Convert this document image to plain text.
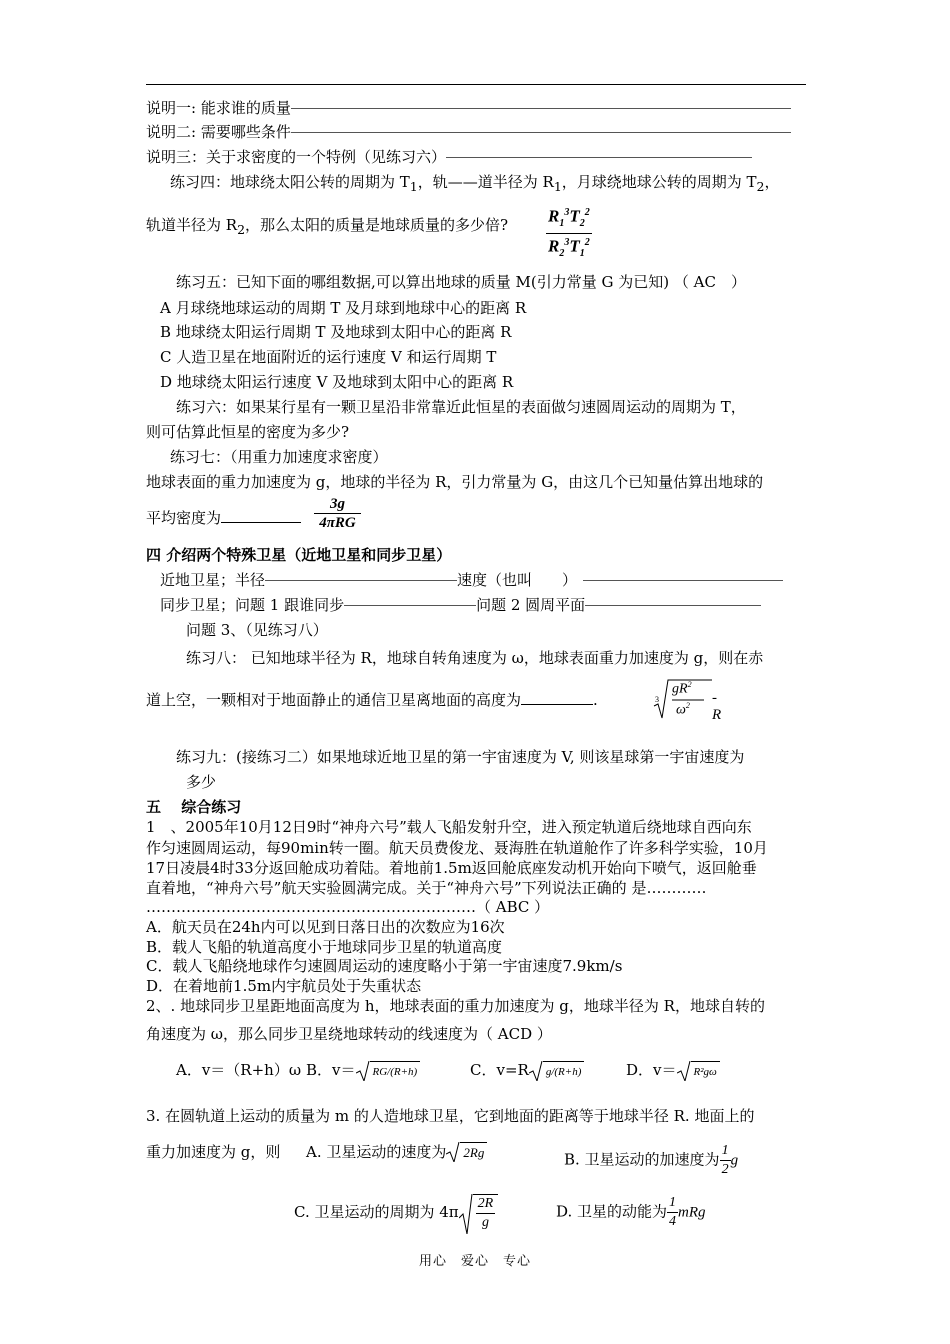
说明一: 能求谁的质量
说明二: 需要哪些条件
说明三：关于求密度的一个特例（见练习六）
练习四：地球绕太阳公转的周期为 $T_1$，轨——道半径为 $R_1$，月球绕地球公转的周期为 $T_2$，
轨道半径为 $R_2$，那么太阳的质量是地球质量的多少倍? $\frac{R_1^3T_2^2}{R_2^3T_1^2}$
练习五：已知下面的哪组数据,可以算出地球的质量 M(引力常量 G 为已知) （ AC　）
A 月球绕地球运动的周期 T 及月球到地球中心的距离 R
B 地球绕太阳运行周期 T 及地球到太阳中心的距离 R
C 人造卫星在地面附近的运行速度 V 和运行周期 T
D 地球绕太阳运行速度 V 及地球到太阳中心的距离 R
练习六：如果某行星有一颗卫星沿非常靠近此恒星的表面做匀速圆周运动的周期为 T，
则可估算此恒星的密度为多少?
练习七：（用重力加速度求密度）
地球表面的重力加速度为 g，地球的半径为 R，引力常量为 G，由这几个已知量估算出地球的
平均密度为	$\frac{3g}{\text{4πRG}}$
四 介绍两个特殊卫星（近地卫星和同步卫星）
近地卫星；半径	速度（也叫　　）
同步卫星；问题 1 跟谁同步	问题 2 圆周平面
问题 3、（见练习八）
练习八： 已知地球半径为 R，地球自转角速度为 ω，地球表面重力加速度为 g，则在赤
道上空，一颗相对于地面静止的通信卫星离地面的高度为	.	3
$gR^2$
$\omega^2$ - R
练习九：(接练习二）如果地球近地卫星的第一宇宙速度为 V, 则该星球第一宇宙速度为
多少
五　 综合练习
1　、2005年10月12日9时“神舟六号”载人飞船发射升空，进入预定轨道后绕地球自西向东
作匀速圆周运动，每90min转一圈。航天员费俊龙、聂海胜在轨道舱作了许多科学实验，10月
17日凌晨4时33分返回舱成功着陆。着地前1.5m返回舱底座发动机开始向下喷气，返回舱垂
直着地，“神舟六号”航天实验圆满完成。关于“神舟六号”下列说法正确的 是…………
…………………………………………………………（ ABC ）
A．航天员在24h内可以见到日落日出的次数应为16次
B．载人飞船的轨道高度小于地球同步卫星的轨道高度
C．载人飞船绕地球作匀速圆周运动的速度略小于第一宇宙速度7.9km/s
D．在着地前1.5m内宇航员处于失重状态
2、. 地球同步卫星距地面高度为 h，地球表面的重力加速度为 g，地球半径为 R，地球自转的
角速度为 ω，那么同步卫星绕地球转动的线速度为（ ACD ）
A．v＝（R+h）ω B．v＝ RG/(R+h)	C．v=R g/(R+h)	D．v＝ R²gω
3. 在圆轨道上运动的质量为 m 的人造地球卫星，它到地面的距离等于地球半径 R. 地面上的
重力加速度为 g，则 A. 卫星运动的速度为 2Rg	B. 卫星运动的加速度为 $\frac{1}{2}$ g
C. 卫星运动的周期为 $4\pi \frac{2R}{g}$	D. 卫星的动能为 $\frac{1}{4}$ mRg
用心　爱心　专心
